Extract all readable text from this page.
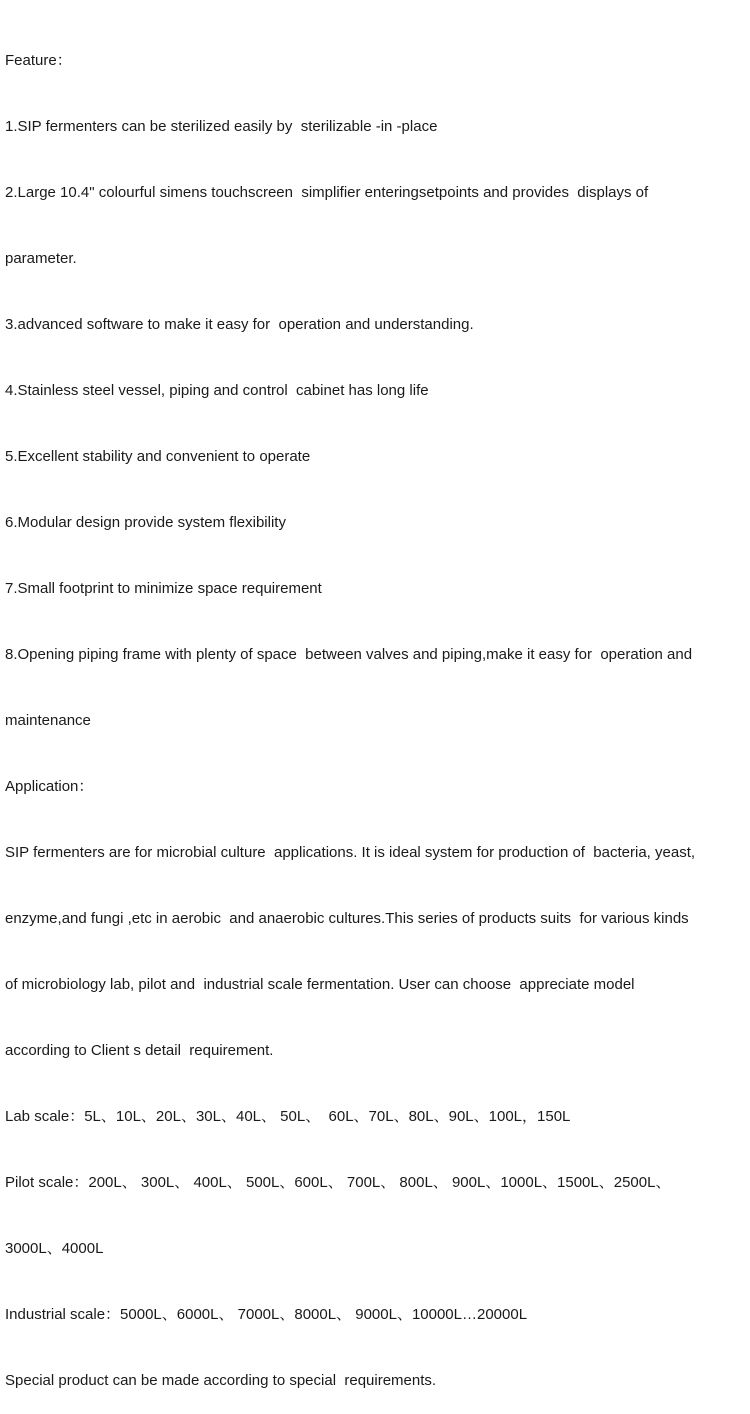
Feature：

1.SIP fermenters can be sterilized easily by  sterilizable -in -place

2.Large 10.4" colourful simens touchscreen  simplifier enteringsetpoints and provides  displays of

parameter.

3.advanced software to make it easy for  operation and understanding.

4.Stainless steel vessel, piping and control  cabinet has long life

5.Excellent stability and convenient to operate

6.Modular design provide system flexibility

7.Small footprint to minimize space requirement

8.Opening piping frame with plenty of space  between valves and piping,make it easy for  operation and

maintenance

Application：

SIP fermenters are for microbial culture  applications. It is ideal system for production of  bacteria, yeast,

enzyme,and fungi ,etc in aerobic  and anaerobic cultures.This series of products suits  for various kinds

of microbiology lab, pilot and  industrial scale fermentation. User can choose  appreciate model

according to Client s detail  requirement.

Lab scale：5L、10L、20L、30L、40L、 50L、  60L、70L、80L、90L、100L，150L

Pilot scale：200L、 300L、 400L、 500L、600L、 700L、 800L、 900L、1000L、1500L、2500L、

3000L、4000L

Industrial scale：5000L、6000L、 7000L、8000L、 9000L、10000L…20000L

Special product can be made according to special  requirements.
